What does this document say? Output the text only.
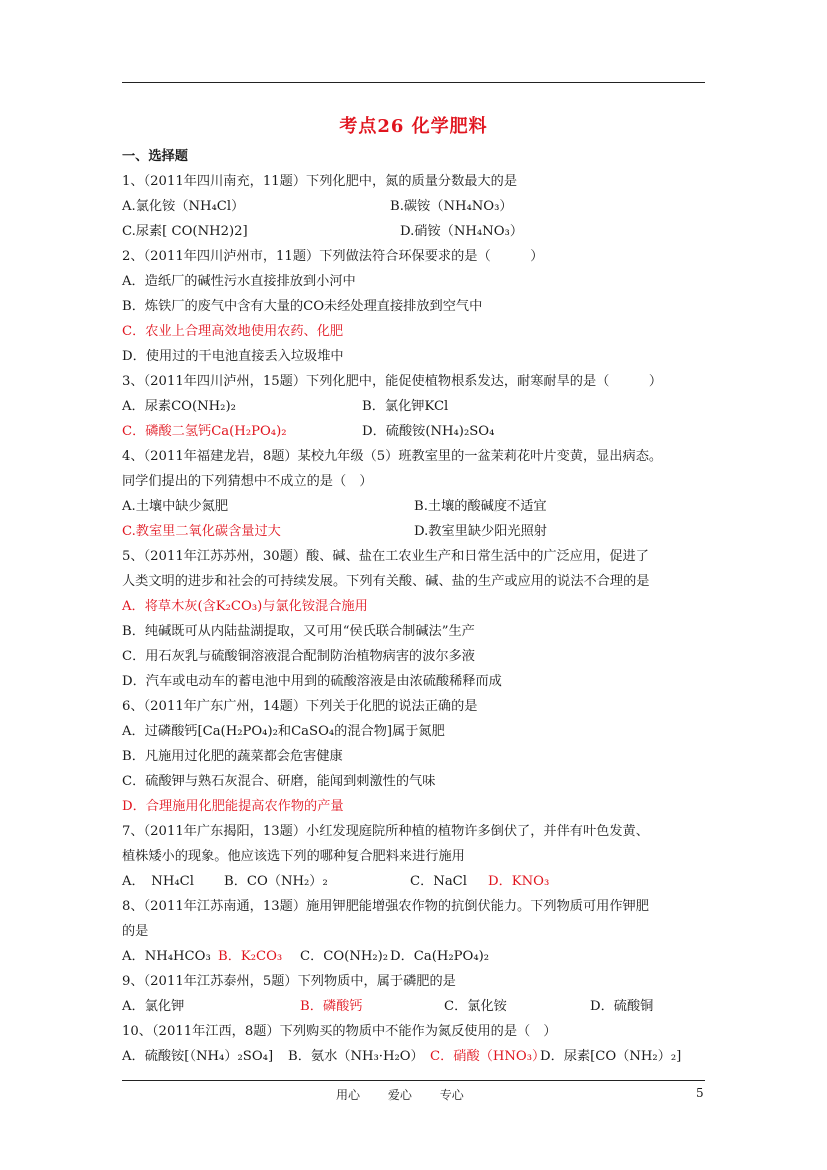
考点26 化学肥料
一、选择题
1、（2011年四川南充，11题）下列化肥中，氮的质量分数最大的是
A.氯化铵（NH₄Cl）	B.碳铵（NH₄NO₃）
C.尿素[ CO(NH2)2]	D.硝铵（NH₄NO₃）
2、（2011年四川泸州市，11题）下列做法符合环保要求的是（　　　）
A．造纸厂的碱性污水直接排放到小河中
B．炼铁厂的废气中含有大量的CO未经处理直接排放到空气中
C．农业上合理高效地使用农药、化肥
D．使用过的干电池直接丢入垃圾堆中
3、（2011年四川泸州，15题）下列化肥中，能促使植物根系发达，耐寒耐旱的是（　　　）
A．尿素CO(NH₂)₂	B．氯化钾KCl
C．磷酸二氢钙Ca(H₂PO₄)₂	D．硫酸铵(NH₄)₂SO₄
4、（2011年福建龙岩，8题）某校九年级（5）班教室里的一盆茉莉花叶片变黄，显出病态。
同学们提出的下列猜想中不成立的是（　）
A.土壤中缺少氮肥	B.土壤的酸碱度不适宜
C.教室里二氧化碳含量过大	D.教室里缺少阳光照射
5、（2011年江苏苏州，30题）酸、碱、盐在工农业生产和日常生活中的广泛应用，促进了
人类文明的进步和社会的可持续发展。下列有关酸、碱、盐的生产或应用的说法不合理的是
A．将草木灰(含K₂CO₃)与氯化铵混合施用
B．纯碱既可从内陆盐湖提取，又可用“侯氏联合制碱法”生产
C．用石灰乳与硫酸铜溶液混合配制防治植物病害的波尔多液
D．汽车或电动车的蓄电池中用到的硫酸溶液是由浓硫酸稀释而成
6、（2011年广东广州，14题）下列关于化肥的说法正确的是
A．过磷酸钙[Ca(H₂PO₄)₂和CaSO₄的混合物]属于氮肥
B．凡施用过化肥的蔬菜都会危害健康
C．硫酸钾与熟石灰混合、研磨，能闻到刺激性的气味
D．合理施用化肥能提高农作物的产量
7、（2011年广东揭阳，13题）小红发现庭院所种植的植物许多倒伏了，并伴有叶色发黄、
植株矮小的现象。他应该选下列的哪种复合肥料来进行施用
A．　NH₄Cl B．CO（NH₂）₂	C．NaCl D．KNO₃
8、（2011年江苏南通，13题）施用钾肥能增强农作物的抗倒伏能力。下列物质可用作钾肥
的是
A．NH₄HCO₃ B．K₂CO₃ C．CO(NH₂)₂ D．Ca(H₂PO₄)₂
9、（2011年江苏泰州，5题）下列物质中，属于磷肥的是
A．氯化钾	B．磷酸钙	C．氯化铵	D．硫酸铜
10、（2011年江西，8题）下列购买的物质中不能作为氮反使用的是（　）
A．硫酸铵[（NH₄）₂SO₄] B．氨水（NH₃·H₂O） C．硝酸（HNO₃）
D．尿素[CO（NH₂）₂]
用心 爱心 专心	5
